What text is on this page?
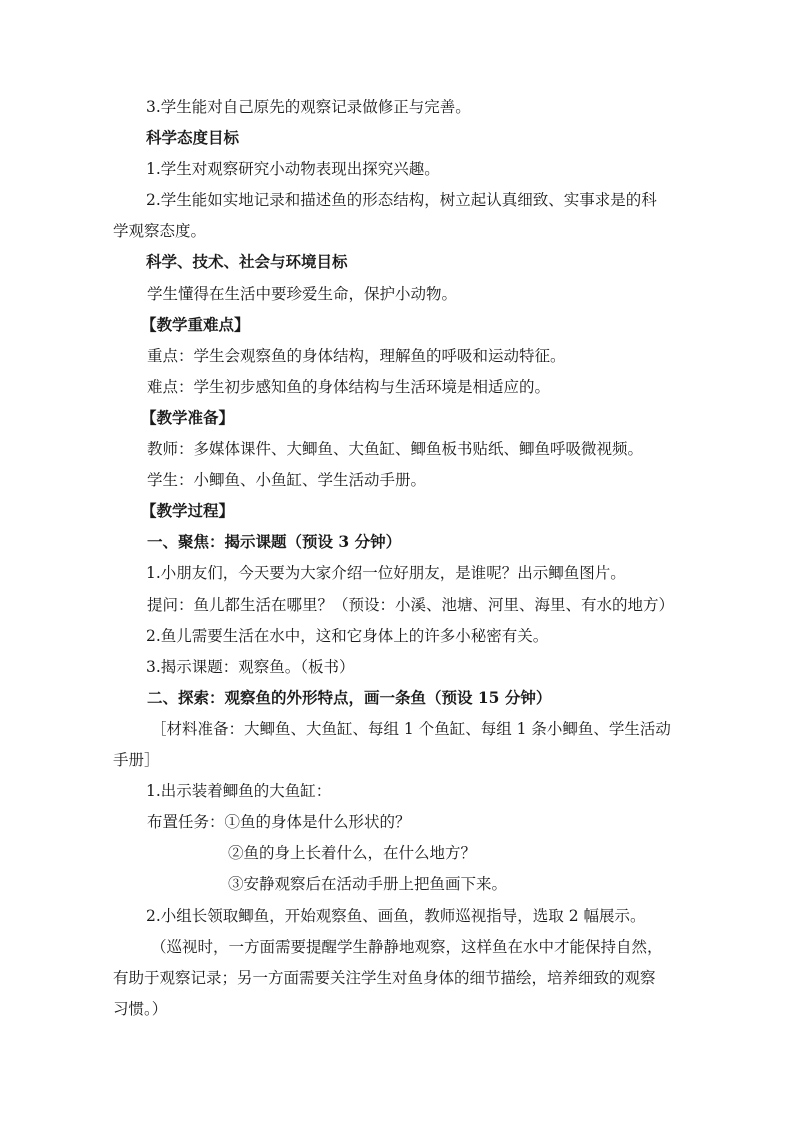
3.学生能对自己原先的观察记录做修正与完善。
科学态度目标
1.学生对观察研究小动物表现出探究兴趣。
2.学生能如实地记录和描述鱼的形态结构，树立起认真细致、实事求是的科
学观察态度。
科学、技术、社会与环境目标
学生懂得在生活中要珍爱生命，保护小动物。
【教学重难点】
重点：学生会观察鱼的身体结构，理解鱼的呼吸和运动特征。
难点：学生初步感知鱼的身体结构与生活环境是相适应的。
【教学准备】
教师：多媒体课件、大鲫鱼、大鱼缸、鲫鱼板书贴纸、鲫鱼呼吸微视频。
学生：小鲫鱼、小鱼缸、学生活动手册。
【教学过程】
一、聚焦：揭示课题（预设 3 分钟）
1.小朋友们，今天要为大家介绍一位好朋友，是谁呢？出示鲫鱼图片。
提问：鱼儿都生活在哪里？（预设：小溪、池塘、河里、海里、有水的地方）
2.鱼儿需要生活在水中，这和它身体上的许多小秘密有关。
3.揭示课题：观察鱼。（板书）
二、探索：观察鱼的外形特点，画一条鱼（预设 15 分钟）
［材料准备：大鲫鱼、大鱼缸、每组 1 个鱼缸、每组 1 条小鲫鱼、学生活动
手册］
1.出示装着鲫鱼的大鱼缸：
布置任务：①鱼的身体是什么形状的？
②鱼的身上长着什么，在什么地方？
③安静观察后在活动手册上把鱼画下来。
2.小组长领取鲫鱼，开始观察鱼、画鱼，教师巡视指导，选取 2 幅展示。
（巡视时，一方面需要提醒学生静静地观察，这样鱼在水中才能保持自然，
有助于观察记录；另一方面需要关注学生对鱼身体的细节描绘，培养细致的观察
习惯。）
